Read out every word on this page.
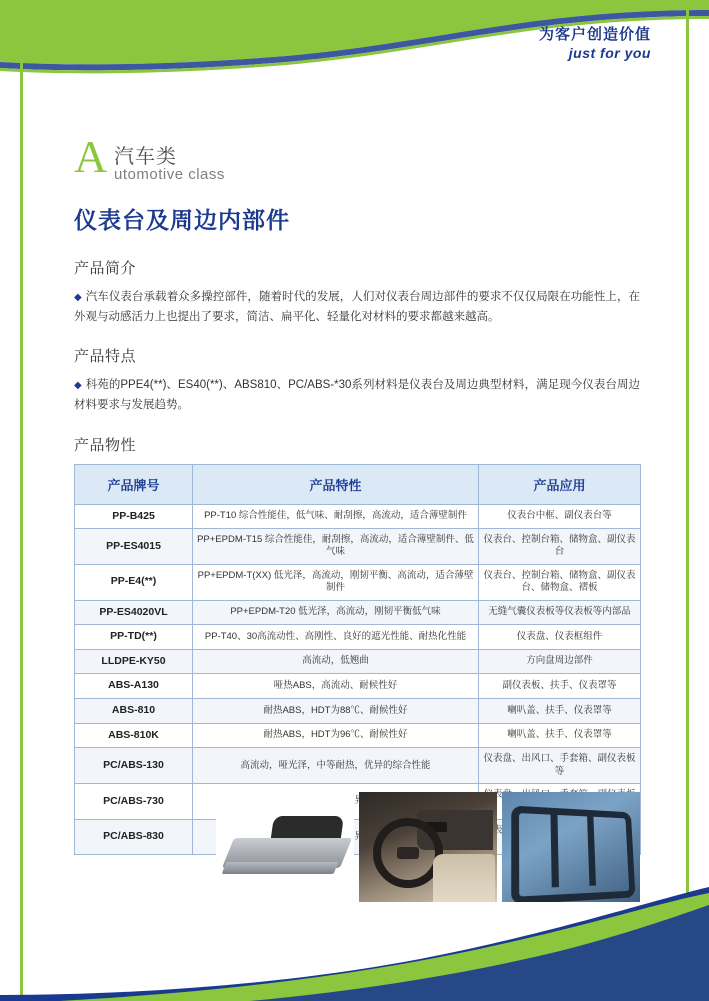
为客户创造价值
just for you
A 汽车类
utomotive class
仪表台及周边内部件
产品简介
◆ 汽车仪表台承载着众多操控部件，随着时代的发展，人们对仪表台周边部件的要求不仅仅局限在功能性上，在外观与动感活力上也提出了要求，简洁、扁平化、轻量化对材料的要求都越来越高。
产品特点
◆ 科苑的PPE4(**)、ES40(**)、ABS810、PC/ABS-*30系列材料是仪表台及周边典型材料，满足现今仪表台周边材料要求与发展趋势。
产品物性
产品牌号	产品特性	产品应用
PP-B425	PP-T10 综合性能佳，低气味、耐刮擦，高流动，适合薄壁制件	仪表台中框、副仪表台等
PP-ES4015	PP+EPDM-T15 综合性能佳，耐刮擦，高流动，适合薄壁制件、低气味	仪表台、控制台箱、储物盒、副仪表台
PP-E4(**)	PP+EPDM-T(XX) 低光泽，高流动，刚韧平衡、高流动，适合薄壁制件	仪表台、控制台箱、储物盒、副仪表台、储物盒、褶板
PP-ES4020VL	PP+EPDM-T20 低光泽，高流动，刚韧平衡低气味	无缝气囊仪表板等仪表板等内部品
PP-TD(**)	PP-T40、30高流动性、高刚性、良好的遮光性能、耐热化性能	仪表盘、仪表框组件
LLDPE-KY50	高流动，低翘曲	方向盘周边部件
ABS-A130	哑热ABS，高流动、耐候性好	副仪表板、扶手、仪表罩等
ABS-810	耐热ABS，HDT为88℃、耐候性好	喇叭盖、扶手、仪表罩等
ABS-810K	耐热ABS，HDT为96℃、耐候性好	喇叭盖、扶手、仪表罩等
PC/ABS-130	高流动，哑光泽，中等耐热，优异的综合性能	仪表盘、出风口、手套箱、副仪表板等
PC/ABS-730		
PC/ABS-830		
